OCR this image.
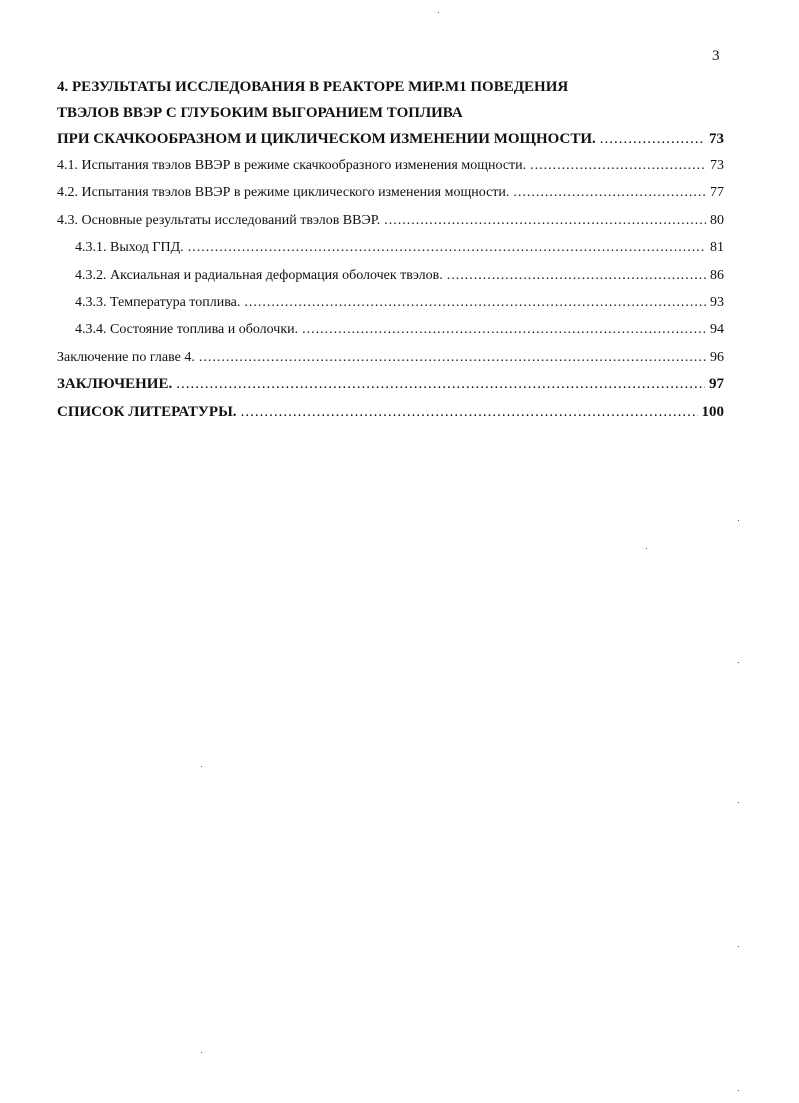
3
4. РЕЗУЛЬТАТЫ ИССЛЕДОВАНИЯ В РЕАКТОРЕ МИР.М1 ПОВЕДЕНИЯ
ТВЭЛОВ ВВЭР С ГЛУБОКИМ ВЫГОРАНИЕМ ТОПЛИВА
ПРИ СКАЧКООБРАЗНОМ И ЦИКЛИЧЕСКОМ ИЗМЕНЕНИИ МОЩНОСТИ. .....	73
4.1. Испытания твэлов ВВЭР в режиме скачкообразного изменения мощности. .....	73
4.2. Испытания твэлов ВВЭР в режиме циклического изменения мощности. .....	77
4.3. Основные результаты исследований твэлов ВВЭР. .....	80
4.3.1. Выход ГПД. .....	81
4.3.2. Аксиальная и радиальная деформация оболочек твэлов. .....	86
4.3.3. Температура топлива. .....	93
4.3.4. Состояние топлива и оболочки. .....	94
Заключение по главе 4. .....	96
ЗАКЛЮЧЕНИЕ. .....	97
СПИСОК ЛИТЕРАТУРЫ. .....	100
